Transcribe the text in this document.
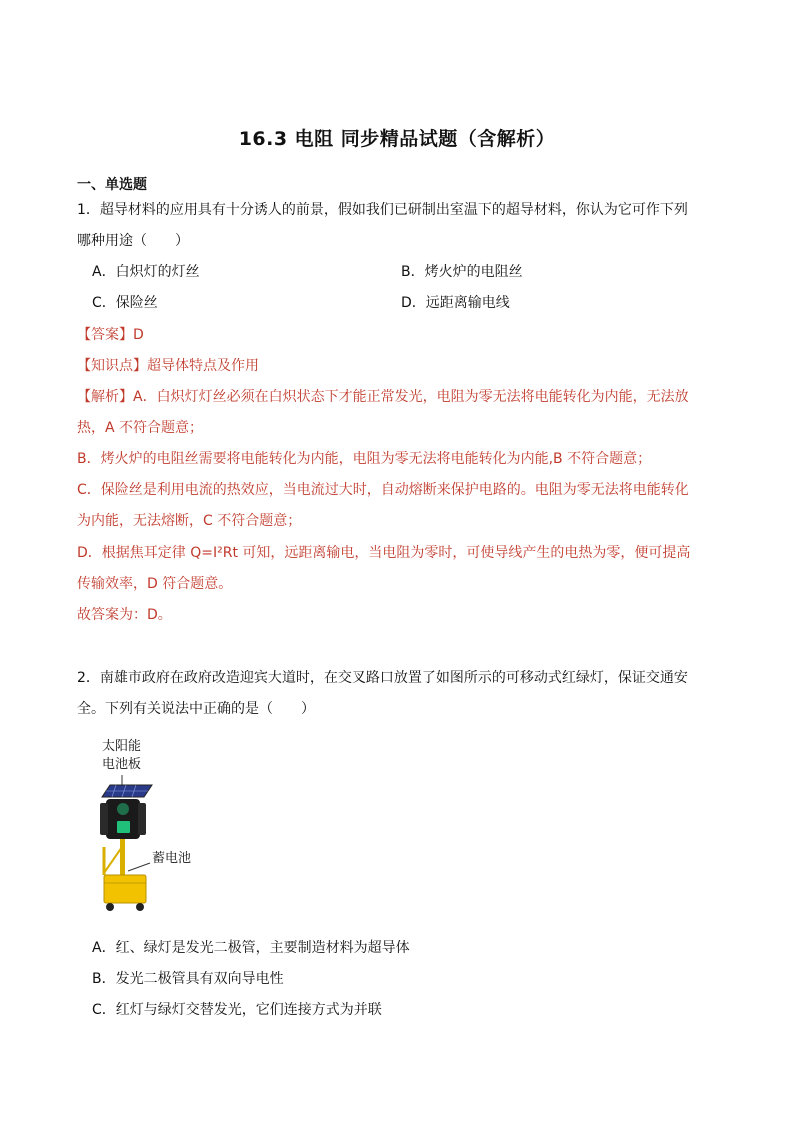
16.3 电阻 同步精品试题（含解析）
一、单选题
1．超导材料的应用具有十分诱人的前景，假如我们已研制出室温下的超导材料，你认为它可作下列
哪种用途（　　）
A．白炽灯的灯丝	B．烤火炉的电阻丝
C．保险丝	D．远距离输电线
【答案】D
【知识点】超导体特点及作用
【解析】A．白炽灯灯丝必须在白炽状态下才能正常发光，电阻为零无法将电能转化为内能，无法放
热，A 不符合题意；
B．烤火炉的电阻丝需要将电能转化为内能，电阻为零无法将电能转化为内能,B 不符合题意；
C．保险丝是利用电流的热效应，当电流过大时，自动熔断来保护电路的。电阻为零无法将电能转化
为内能，无法熔断，C 不符合题意；
D．根据焦耳定律 Q=I²Rt 可知，远距离输电，当电阻为零时，可使导线产生的电热为零，便可提高
传输效率，D 符合题意。
故答案为：D。
2．南雄市政府在政府改造迎宾大道时，在交叉路口放置了如图所示的可移动式红绿灯，保证交通安
全。下列有关说法中正确的是（　　）
太阳能
电池板
蓄电池
A．红、绿灯是发光二极管，主要制造材料为超导体
B．发光二极管具有双向导电性
C．红灯与绿灯交替发光，它们连接方式为并联
